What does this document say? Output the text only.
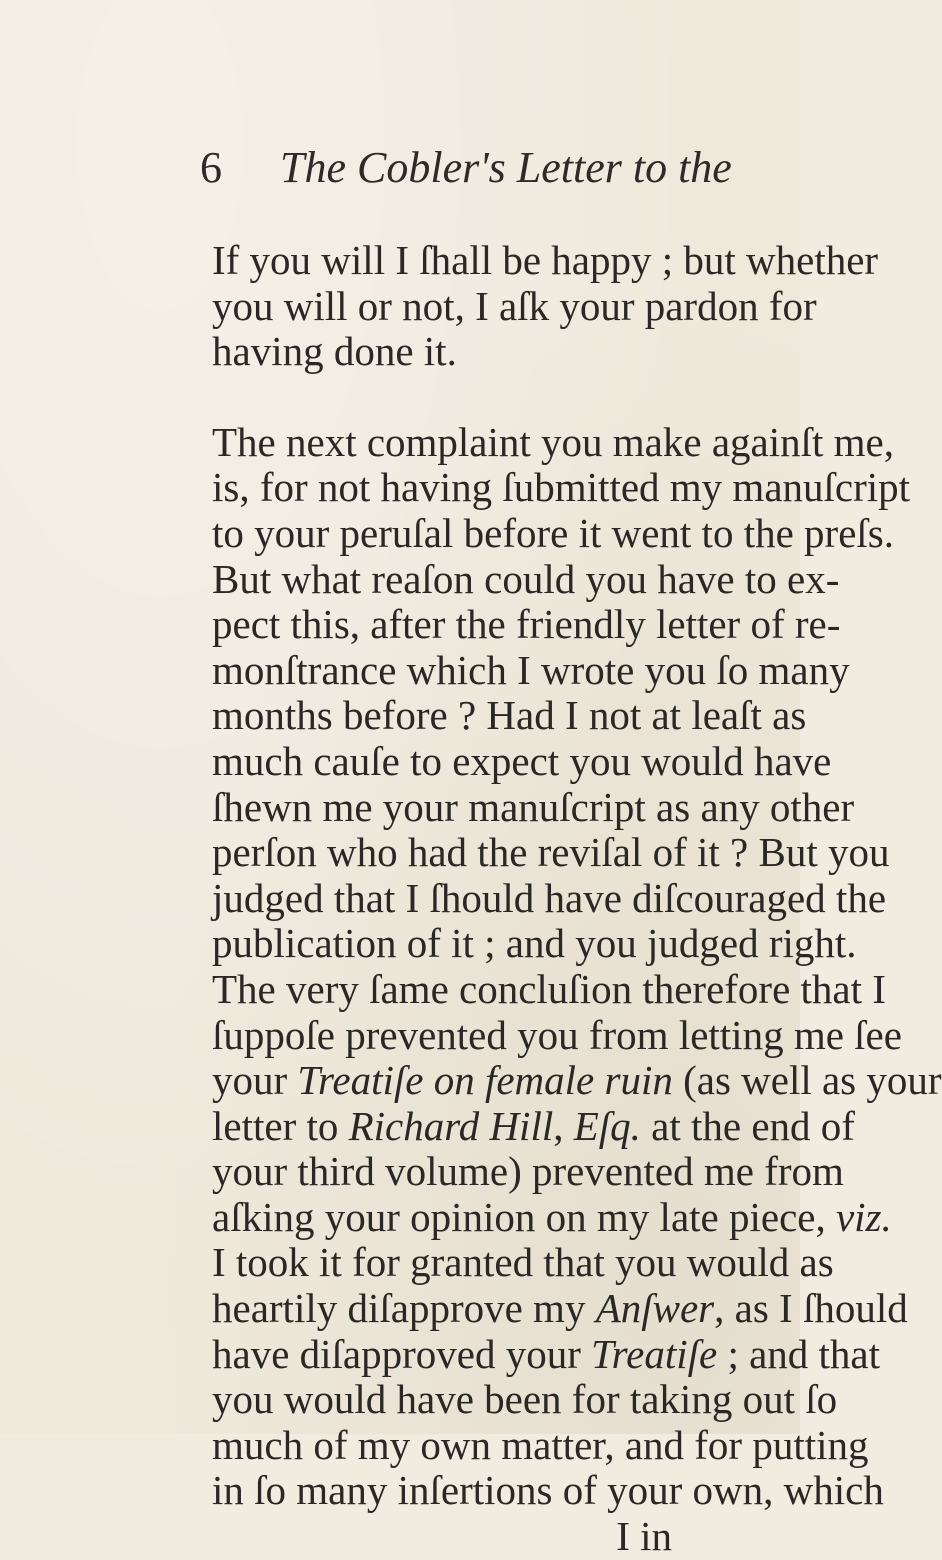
6 The Cobler's Letter to the
If you will I ſhall be happy ; but whether
you will or not, I aſk your pardon for
having done it.
The next complaint you make againſt me,
is, for not having ſubmitted my manuſcript
to your peruſal before it went to the preſs.
But what reaſon could you have to ex-
pect this, after the friendly letter of re-
monſtrance which I wrote you ſo many
months before ? Had I not at leaſt as
much cauſe to expect you would have
ſhewn me your manuſcript as any other
perſon who had the reviſal of it ? But you
judged that I ſhould have diſcouraged the
publication of it ; and you judged right.
The very ſame concluſion therefore that I
ſuppoſe prevented you from letting me ſee
your Treatiſe on female ruin (as well as your
letter to Richard Hill, Eſq. at the end of
your third volume) prevented me from
aſking your opinion on my late piece, viz.
I took it for granted that you would as
heartily diſapprove my Anſwer, as I ſhould
have diſapproved your Treatiſe ; and that
you would have been for taking out ſo
much of my own matter, and for putting
in ſo many inſertions of your own, which
I in
